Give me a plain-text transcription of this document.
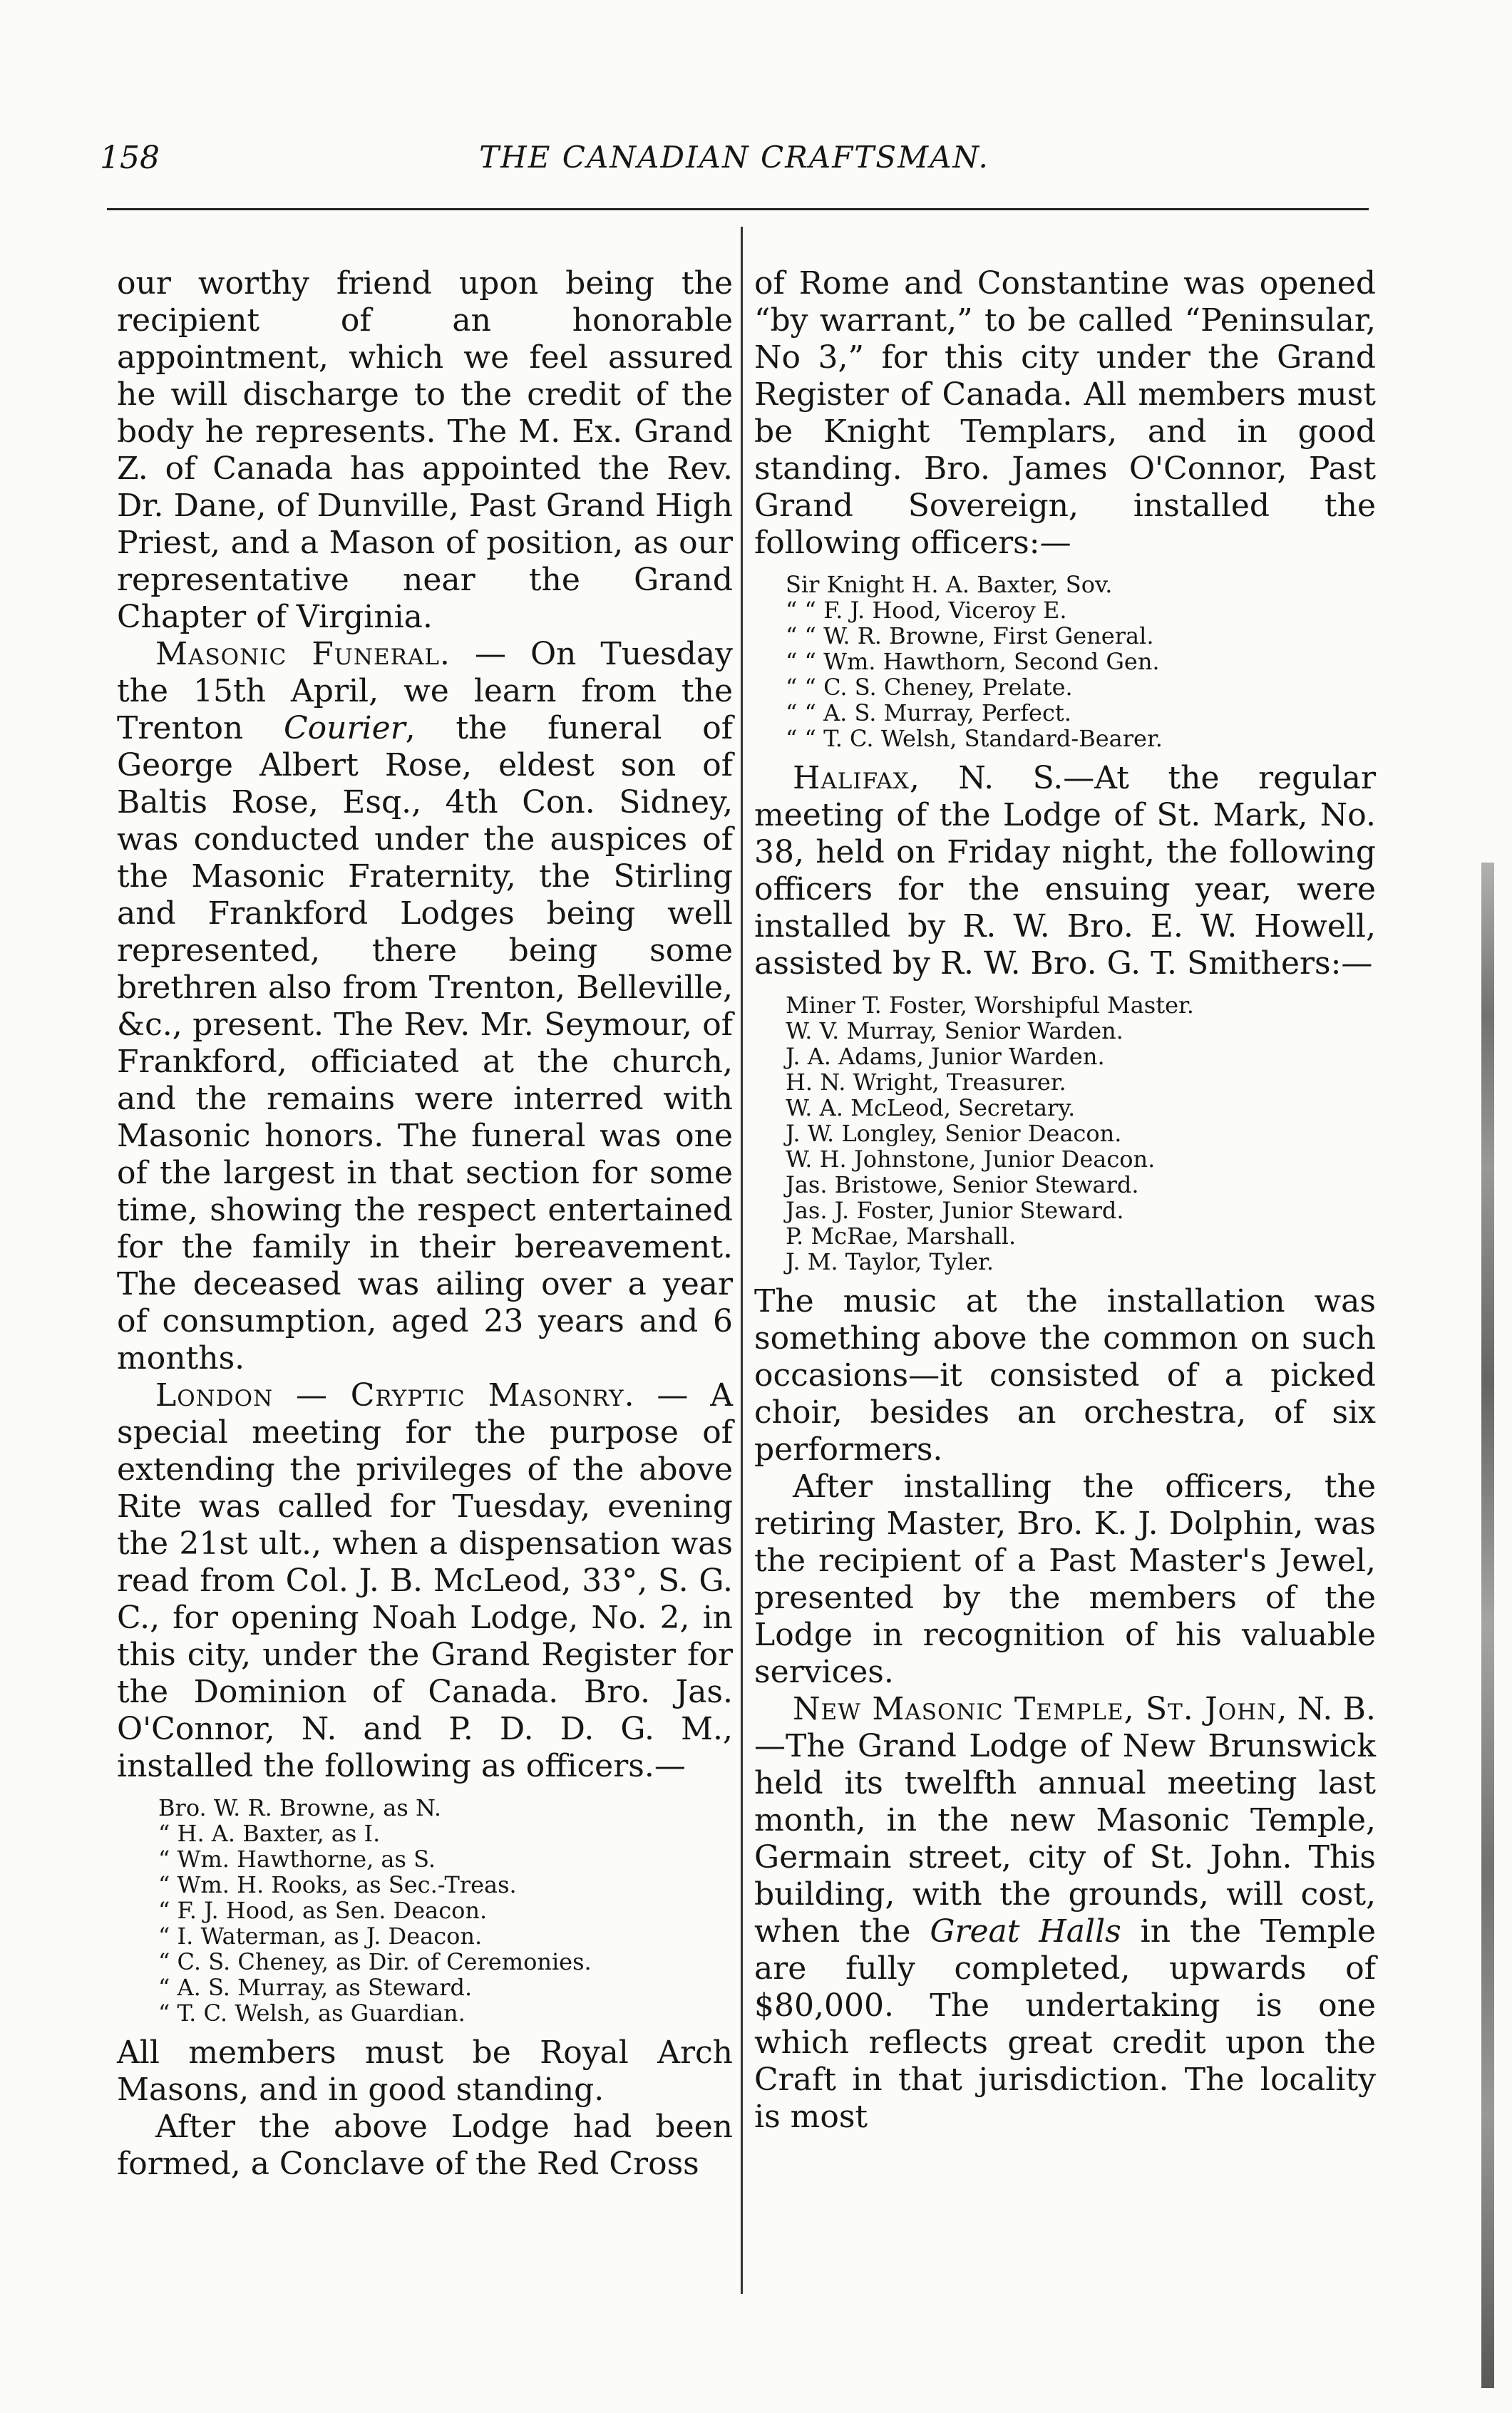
158	THE CANADIAN CRAFTSMAN.

our worthy friend upon being the recipient of an honorable appointment, which we feel assured he will discharge to the credit of the body he represents. The M. Ex. Grand Z. of Canada has appointed the Rev. Dr. Dane, of Dunville, Past Grand High Priest, and a Mason of position, as our representative near the Grand Chapter of Virginia.

Masonic Funeral. — On Tuesday the 15th April, we learn from the Trenton Courier, the funeral of George Albert Rose, eldest son of Baltis Rose, Esq., 4th Con. Sidney, was conducted under the auspices of the Masonic Fraternity, the Stirling and Frankford Lodges being well represented, there being some brethren also from Trenton, Belleville, &c., present. The Rev. Mr. Seymour, of Frankford, officiated at the church, and the remains were interred with Masonic honors. The funeral was one of the largest in that section for some time, showing the respect entertained for the family in their bereavement. The deceased was ailing over a year of consumption, aged 23 years and 6 months.

London — Cryptic Masonry. — A special meeting for the purpose of extending the privileges of the above Rite was called for Tuesday, evening the 21st ult., when a dispensation was read from Col. J. B. McLeod, 33°, S. G. C., for opening Noah Lodge, No. 2, in this city, under the Grand Register for the Dominion of Canada. Bro. Jas. O'Connor, N. and P. D. D. G. M., installed the following as officers.—

Bro. W. R. Browne, as N.
“ H. A. Baxter, as I.
“ Wm. Hawthorne, as S.
“ Wm. H. Rooks, as Sec.-Treas.
“ F. J. Hood, as Sen. Deacon.
“ I. Waterman, as J. Deacon.
“ C. S. Cheney, as Dir. of Ceremonies.
“ A. S. Murray, as Steward.
“ T. C. Welsh, as Guardian.

All members must be Royal Arch Masons, and in good standing.

After the above Lodge had been formed, a Conclave of the Red Cross

of Rome and Constantine was opened “by warrant,” to be called “Peninsular, No 3,” for this city under the Grand Register of Canada. All members must be Knight Templars, and in good standing. Bro. James O'Connor, Past Grand Sovereign, installed the following officers:—

Sir Knight H. A. Baxter, Sov.
“ “ F. J. Hood, Viceroy E.
“ “ W. R. Browne, First General.
“ “ Wm. Hawthorn, Second Gen.
“ “ C. S. Cheney, Prelate.
“ “ A. S. Murray, Perfect.
“ “ T. C. Welsh, Standard-Bearer.

Halifax, N. S.—At the regular meeting of the Lodge of St. Mark, No. 38, held on Friday night, the following officers for the ensuing year, were installed by R. W. Bro. E. W. Howell, assisted by R. W. Bro. G. T. Smithers:—

Miner T. Foster, Worshipful Master.
W. V. Murray, Senior Warden.
J. A. Adams, Junior Warden.
H. N. Wright, Treasurer.
W. A. McLeod, Secretary.
J. W. Longley, Senior Deacon.
W. H. Johnstone, Junior Deacon.
Jas. Bristowe, Senior Steward.
Jas. J. Foster, Junior Steward.
P. McRae, Marshall.
J. M. Taylor, Tyler.

The music at the installation was something above the common on such occasions—it consisted of a picked choir, besides an orchestra, of six performers.

After installing the officers, the retiring Master, Bro. K. J. Dolphin, was the recipient of a Past Master's Jewel, presented by the members of the Lodge in recognition of his valuable services.

New Masonic Temple, St. John, N. B.—The Grand Lodge of New Brunswick held its twelfth annual meeting last month, in the new Masonic Temple, Germain street, city of St. John. This building, with the grounds, will cost, when the Great Halls in the Temple are fully completed, upwards of $80,000. The undertaking is one which reflects great credit upon the Craft in that jurisdiction. The locality is most
